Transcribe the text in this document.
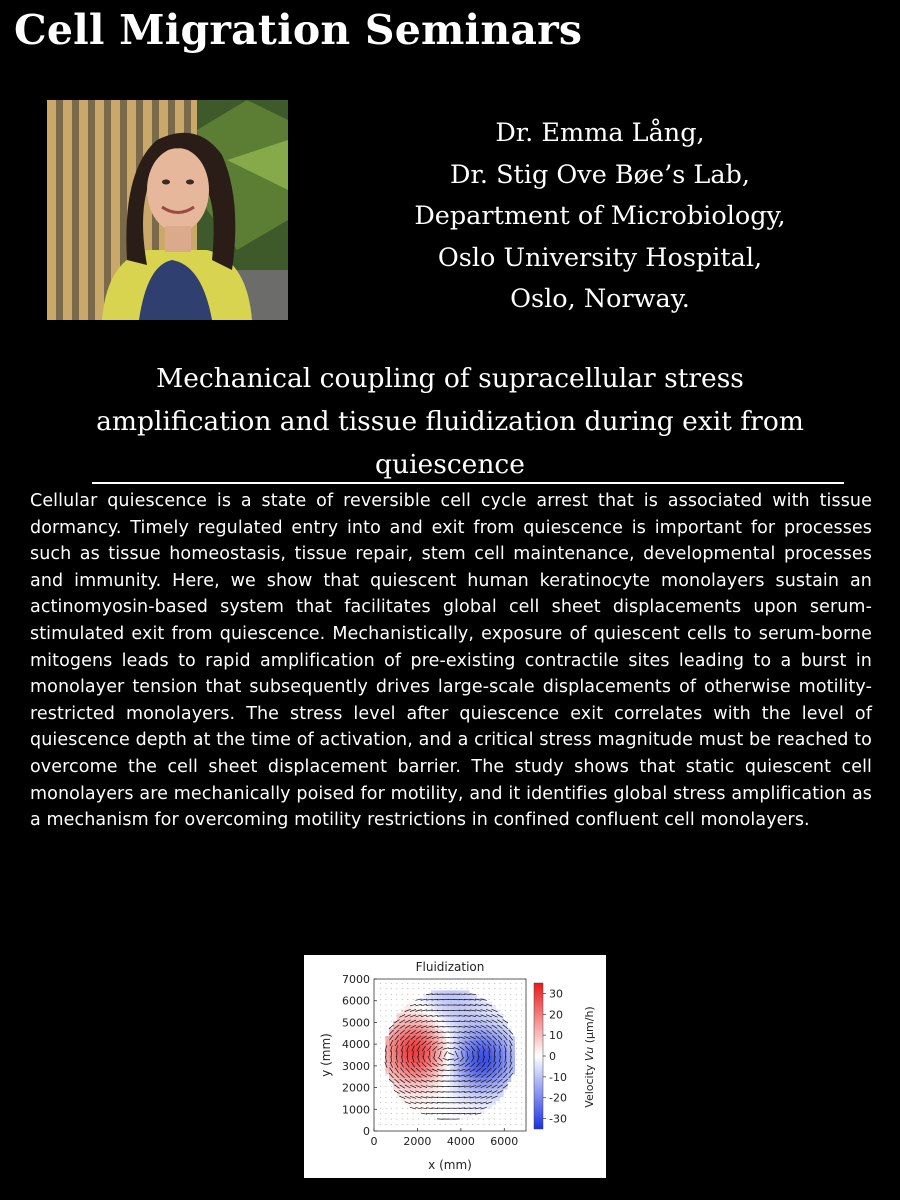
Cell Migration Seminars
Dr. Emma Lång,
Dr. Stig Ove Bøe’s Lab,
Department of Microbiology,
Oslo University Hospital,
Oslo, Norway.
Mechanical coupling of supracellular stress
amplification and tissue fluidization during exit from
quiescence
Cellular quiescence is a state of reversible cell cycle arrest that is associated with tissue dormancy. Timely regulated entry into and exit from quiescence is important for processes such as tissue homeostasis, tissue repair, stem cell maintenance, developmental processes and immunity. Here, we show that quiescent human keratinocyte monolayers sustain an actinomyosin-based system that facilitates global cell sheet displacements upon serum-stimulated exit from quiescence. Mechanistically, exposure of quiescent cells to serum-borne mitogens leads to rapid amplification of pre-existing contractile sites leading to a burst in monolayer tension that subsequently drives large-scale displacements of otherwise motility-restricted monolayers. The stress level after quiescence exit correlates with the level of quiescence depth at the time of activation, and a critical stress magnitude must be reached to overcome the cell sheet displacement barrier. The study shows that static quiescent cell monolayers are mechanically poised for motility, and it identifies global stress amplification as a mechanism for overcoming motility restrictions in confined confluent cell monolayers.
Fluidization
0 2000 4000 6000
0
1000
2000
3000
4000
5000
6000
7000
x (mm)
y (mm)
30
20
10
0
-10
-20
-30
Velocity Vu (μm/h)
